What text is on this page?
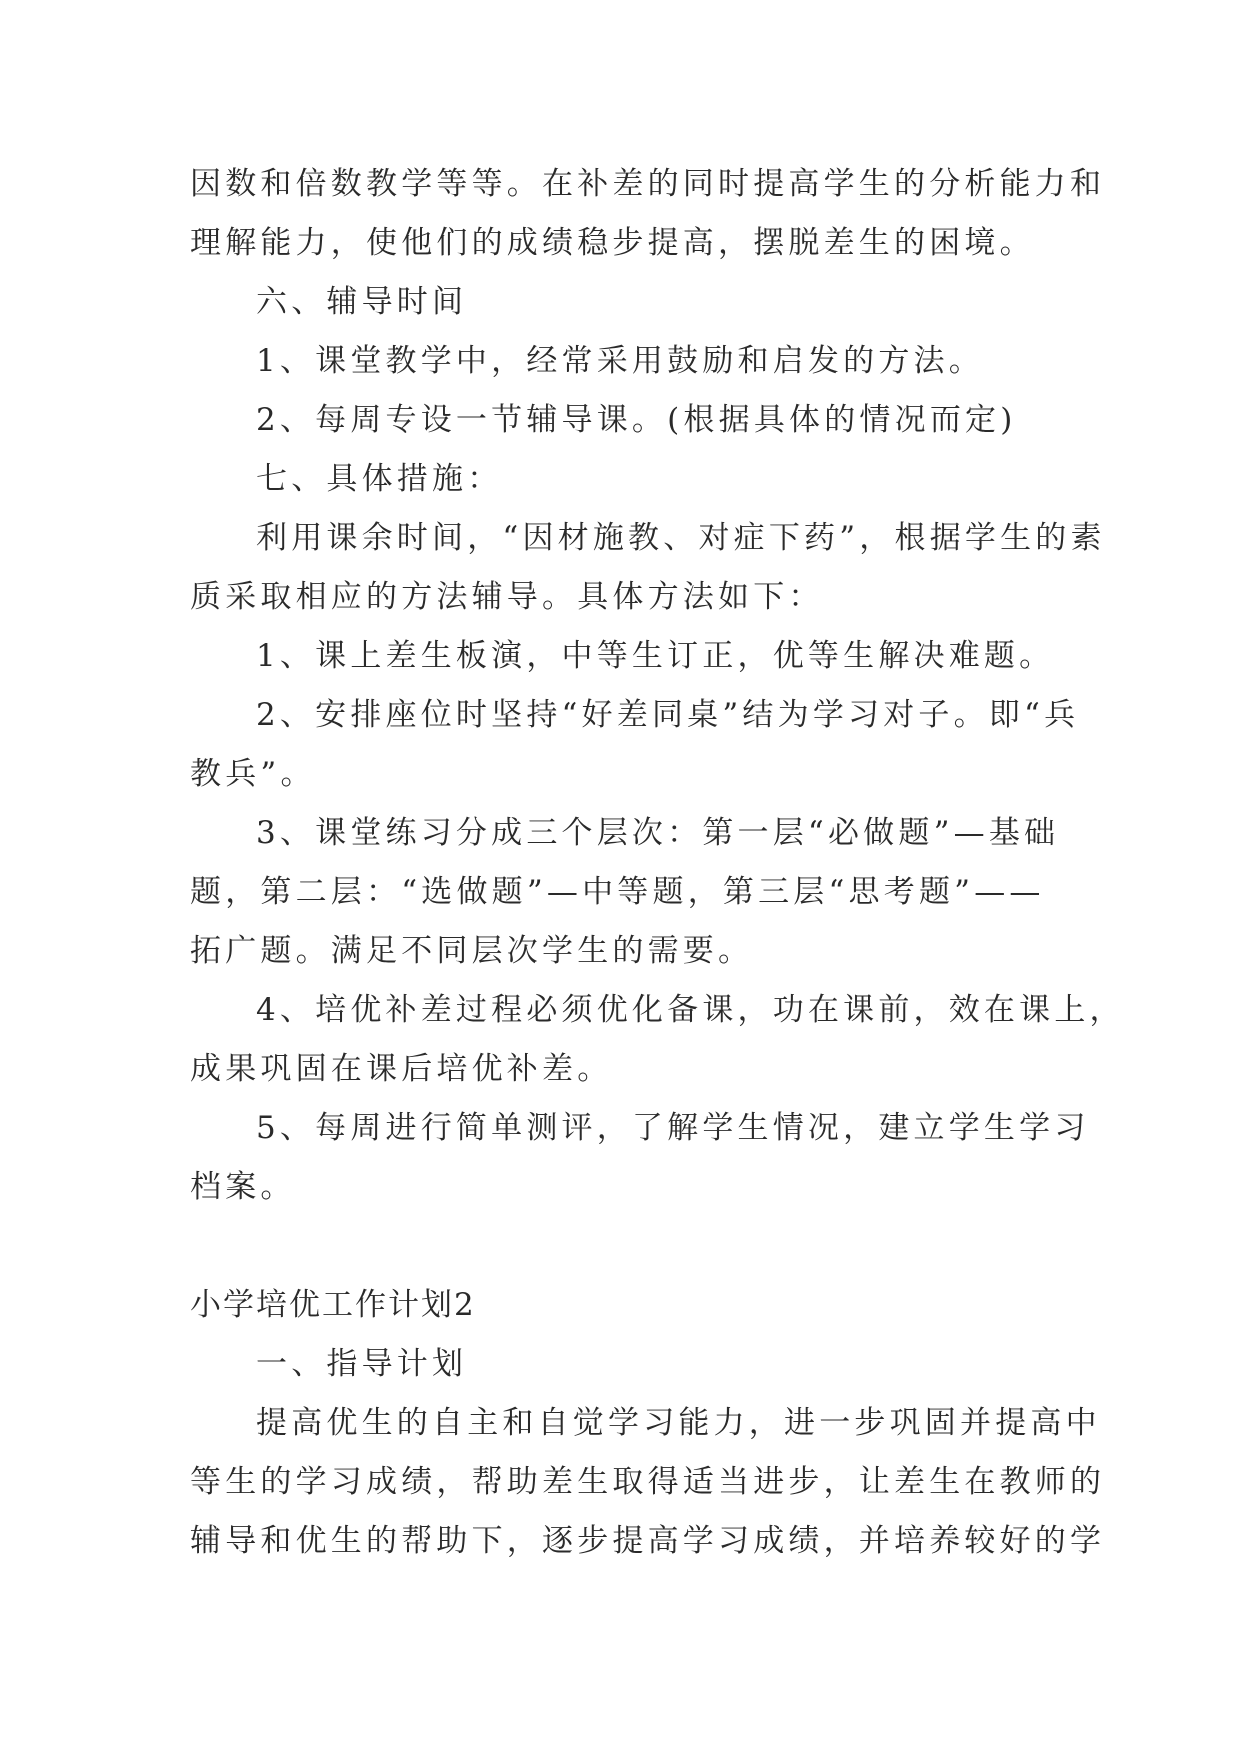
因数和倍数教学等等。在补差的同时提高学生的分析能力和

理解能力，使他们的成绩稳步提高，摆脱差生的困境。

六、辅导时间

1、课堂教学中，经常采用鼓励和启发的方法。

2、每周专设一节辅导课。(根据具体的情况而定)

七、具体措施：

利用课余时间，“因材施教、对症下药”，根据学生的素

质采取相应的方法辅导。具体方法如下：

1、课上差生板演，中等生订正，优等生解决难题。

2、安排座位时坚持“好差同桌”结为学习对子。即“兵

教兵”。

3、课堂练习分成三个层次：第一层“必做题”—基础

题，第二层：“选做题”—中等题，第三层“思考题”——

拓广题。满足不同层次学生的需要。

4、培优补差过程必须优化备课，功在课前，效在课上，

成果巩固在课后培优补差。

5、每周进行简单测评，了解学生情况，建立学生学习

档案。

小学培优工作计划2

一、指导计划

提高优生的自主和自觉学习能力，进一步巩固并提高中

等生的学习成绩，帮助差生取得适当进步，让差生在教师的

辅导和优生的帮助下，逐步提高学习成绩，并培养较好的学
